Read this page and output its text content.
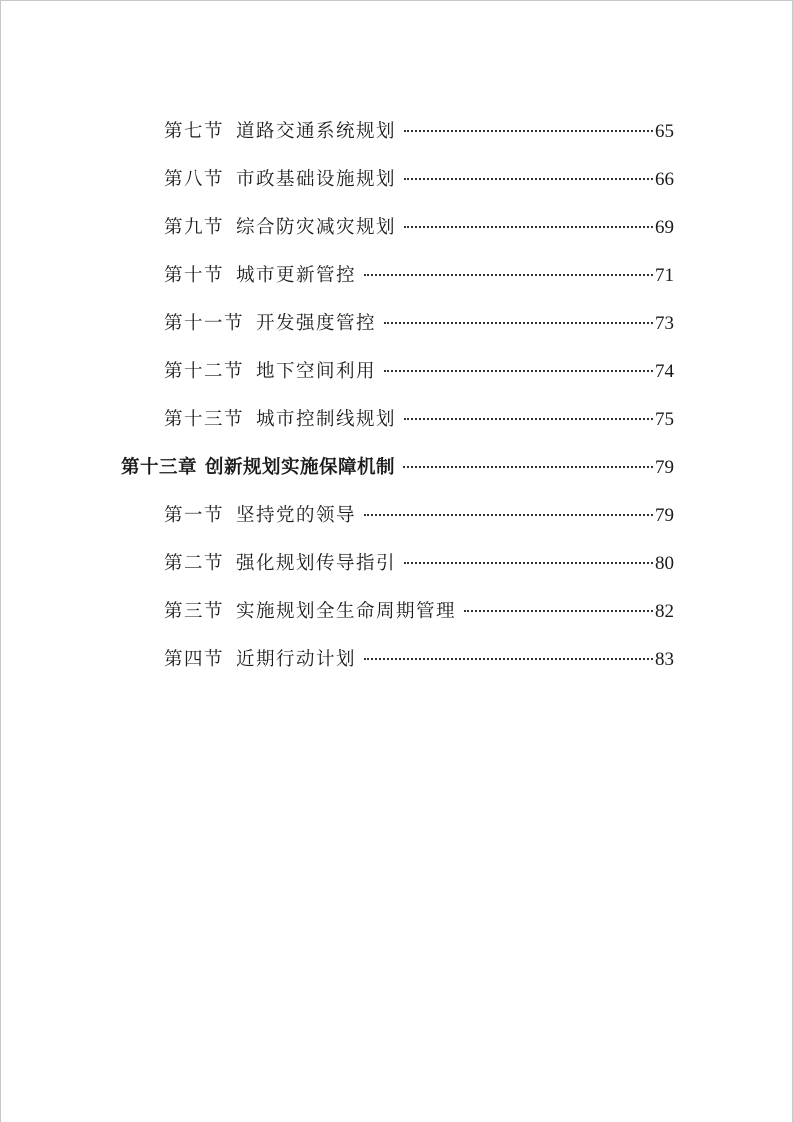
第七节 道路交通系统规划	65
第八节 市政基础设施规划	66
第九节 综合防灾减灾规划	69
第十节 城市更新管控	71
第十一节 开发强度管控	73
第十二节 地下空间利用	74
第十三节 城市控制线规划	75
第十三章 创新规划实施保障机制	79
第一节 坚持党的领导	79
第二节 强化规划传导指引	80
第三节 实施规划全生命周期管理	82
第四节 近期行动计划	83
